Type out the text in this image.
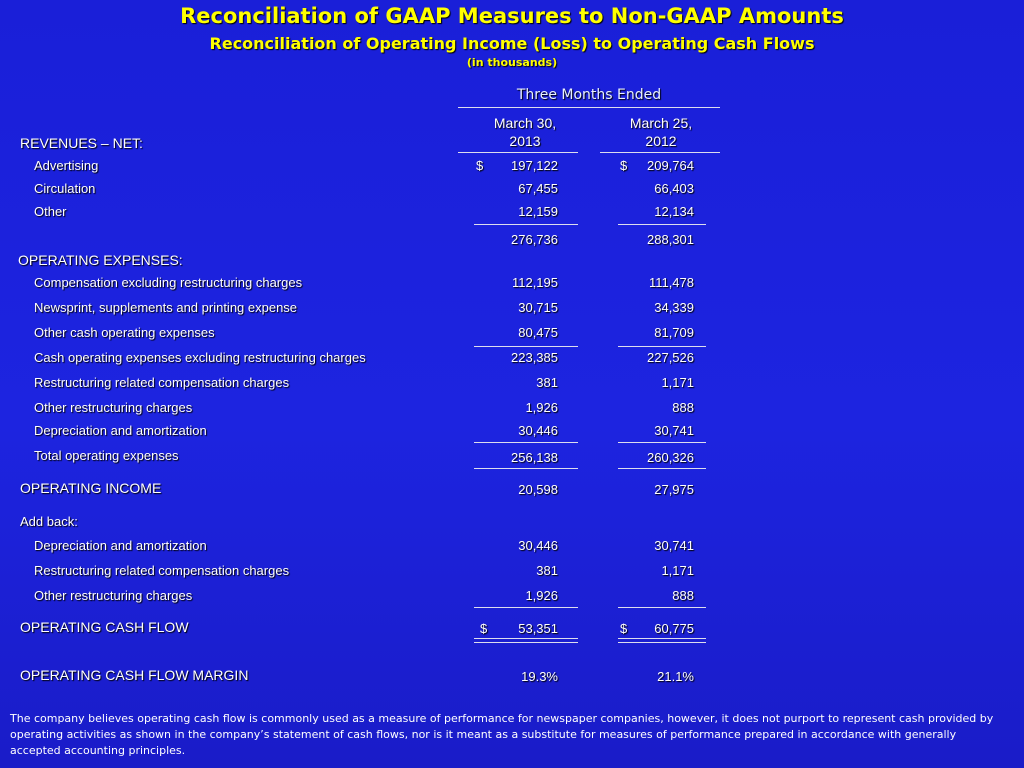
Reconciliation of GAAP Measures to Non-GAAP Amounts
Reconciliation of Operating Income (Loss) to Operating Cash Flows
(in thousands)
Three Months Ended
March 30,
2013
March 25,
2012
REVENUES – NET:
Advertising	$	197,122	$	209,764
Circulation	67,455	66,403
Other	12,159	12,134
276,736	288,301
OPERATING EXPENSES:
Compensation excluding restructuring charges	112,195	111,478
Newsprint, supplements and printing expense	30,715	34,339
Other cash operating expenses	80,475	81,709
Cash operating expenses excluding restructuring charges	223,385	227,526
Restructuring related compensation charges	381	1,171
Other restructuring charges	1,926	888
Depreciation and amortization	30,446	30,741
Total operating expenses	256,138	260,326
OPERATING INCOME	20,598	27,975
Add back:
Depreciation and amortization	30,446	30,741
Restructuring related compensation charges	381	1,171
Other restructuring charges	1,926	888
OPERATING CASH FLOW	$	53,351	$	60,775
OPERATING CASH FLOW MARGIN	19.3%	21.1%
The company believes operating cash flow is commonly used as a measure of performance for newspaper companies, however, it does not purport to represent cash provided by operating activities as shown in the company’s statement of cash flows, nor is it meant as a substitute for measures of performance prepared in accordance with generally accepted accounting principles.
